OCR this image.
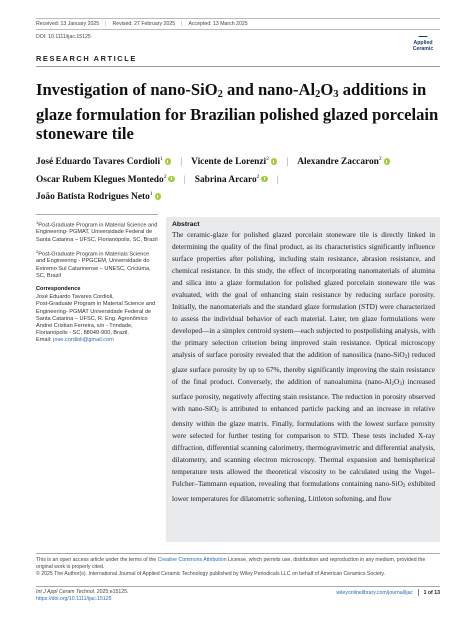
Received: 13 January 2025 | Revised: 27 February 2025 | Accepted: 13 March 2025
DOI: 10.1111/ijac.15125
Applied
Ceramic
RESEARCH ARTICLE
Investigation of nano-SiO$_2$ and nano-$Al_2O_3$ additions in glaze formulation for Brazilian polished glazed porcelain stoneware tile
José Eduardo Tavares Cordioli$^1$ | Vicente de Lorenzi$^2$ | Alexandre Zaccaron$^2$
Oscar Rubem Klegues Montedo$^2$ | Sabrina Arcaro$^2$ |
João Batista Rodrigues Neto$^1$

$^1$Post-Graduate Program in Material Science and Engineering- PGMAT, Universidade Federal de Santa Catarina – UFSC, Florianópolis, SC, Brazil

$^2$Post-Graduate Program in Materials Science and Engineering - PPGCEM, Universidade do Extremo Sul Catarinense – UNESC, Criciúma, SC, Brazil

Correspondence
José Eduardo Tavares Cordioli,
Post-Graduate Program in Material Science and Engineering- PGMAT Universidade Federal de Santa Catarina – UFSC, R. Eng. Agronômico Andrei Cristian Ferreira, s/n - Trindade, Florianópolis - SC, 88040-900, Brazil.
Email: jose.cordioli@gmail.com
Abstract

The ceramic-glaze for polished glazed porcelain stoneware tile is directly linked in determining the quality of the final product, as its characteristics significantly influence surface properties after polishing, including stain resistance, abrasion resistance, and chemical resistance. In this study, the effect of incorporating nanomaterials of alumina and silica into a glaze formulation for polished glazed porcelain stoneware tile was evaluated, with the goal of enhancing stain resistance by reducing surface porosity. Initially, the nanomaterials and the standard glaze formulation (STD) were characterized to assess the individual behavior of each material. Later, ten glaze formulations were developed—in a simplex centroid system—each subjected to postpolishing analysis, with the primary selection criterion being improved stain resistance. Optical microscopy analysis of surface porosity revealed that the addition of nanosilica (nano-SiO$_2$) reduced glaze surface porosity by up to 67%, thereby significantly improving the stain resistance of the final product. Conversely, the addition of nanoalumina $(nano-Al_2O_3)$ increased surface porosity, negatively affecting stain resistance. The reduction in porosity observed with nano-SiO$_2$ is attributed to enhanced particle packing and an increase in relative density within the glaze matrix. Finally, formulations with the lowest surface porosity were selected for further testing for comparison to STD. These tests included X-ray diffraction, differential scanning calorimetry, thermogravimetric and differential analysis, dilatometry, and scanning electron microscopy. Thermal expansion and hemispherical temperature tests allowed the theoretical viscosity to be calculated using the Vogel–Fulcher–Tammann equation, revealing that formulations containing nano-SiO$_2$ exhibited lower temperatures for dilatometric softening, Littleton softening, and flow

This is an open access article under the terms of the Creative Commons Attribution License, which permits use, distribution and reproduction in any medium, provided the original work is properly cited.
© 2025 The Author(s). International Journal of Applied Ceramic Technology published by Wiley Periodicals LLC on behalf of American Ceramics Society.
Int J Appl Ceram Technol. 2025;e15125.
https://doi.org/10.1111/ijac.15125
wileyonlinelibrary.com/journal/ijac 1 of 13
